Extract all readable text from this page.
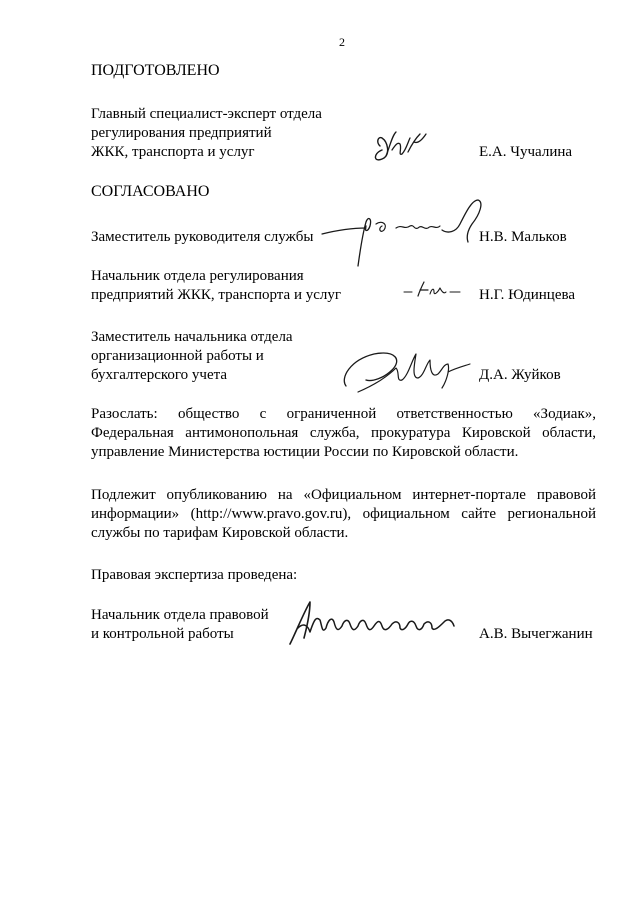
2
ПОДГОТОВЛЕНО
Главный специалист-эксперт отдела
регулирования предприятий
ЖКК, транспорта и услуг	Е.А. Чучалина
СОГЛАСОВАНО
Заместитель руководителя службы	Н.В. Мальков
Начальник отдела регулирования
предприятий ЖКК, транспорта и услуг	Н.Г. Юдинцева
Заместитель начальника отдела
организационной работы и
бухгалтерского учета	Д.А. Жуйков
Разослать: общество с ограниченной ответственностью «Зодиак»,
Федеральная антимонопольная служба, прокуратура Кировской области,
управление Министерства юстиции России по Кировской области.
Подлежит опубликованию на «Официальном интернет-портале правовой
информации» (http://www.pravo.gov.ru), официальном сайте региональной
службы по тарифам Кировской области.
Правовая экспертиза проведена:
Начальник отдела правовой
и контрольной работы	А.В. Вычегжанин
